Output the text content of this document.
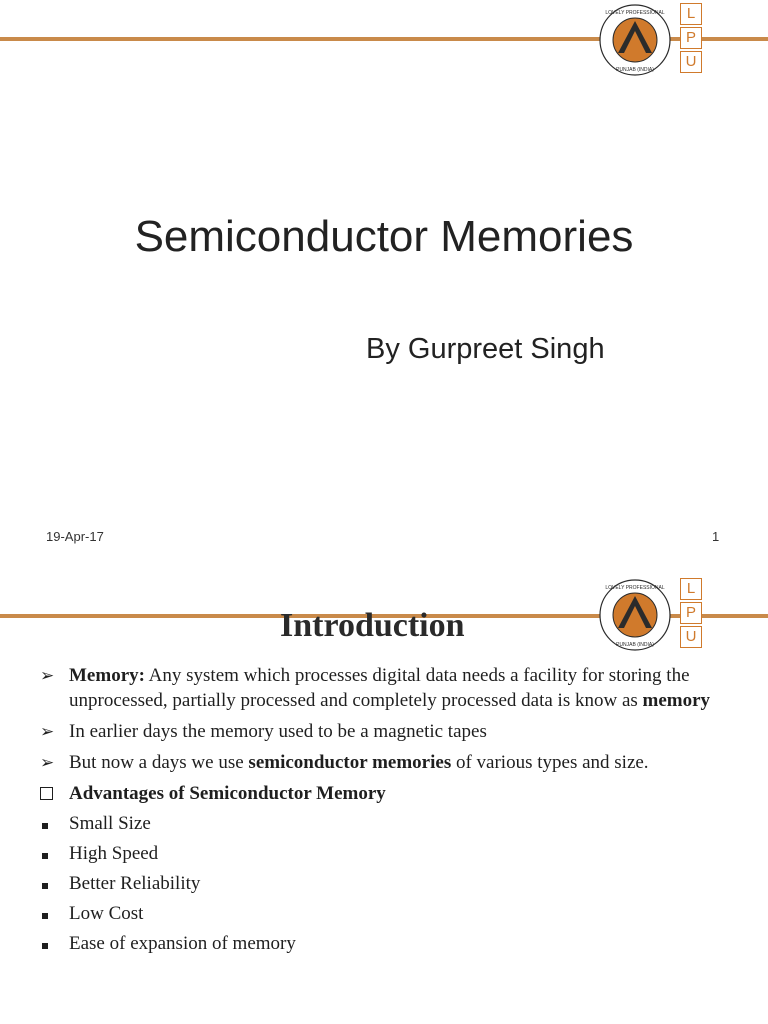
LOVELY PROFESSIONAL
PUNJAB (INDIA)
L
P
U
Semiconductor Memories
By Gurpreet Singh
19-Apr-17	1
LOVELY PROFESSIONAL
PUNJAB (INDIA)
L
P
U
Introduction
➢ Memory: Any system which processes digital data needs a facility for storing the unprocessed, partially processed and completely processed data is know as memory
➢ In earlier days the memory used to be a magnetic tapes
➢ But now a days we use semiconductor memories of various types and size.
Advantages of Semiconductor Memory
Small Size
High Speed
Better Reliability
Low Cost
Ease of expansion of memory
